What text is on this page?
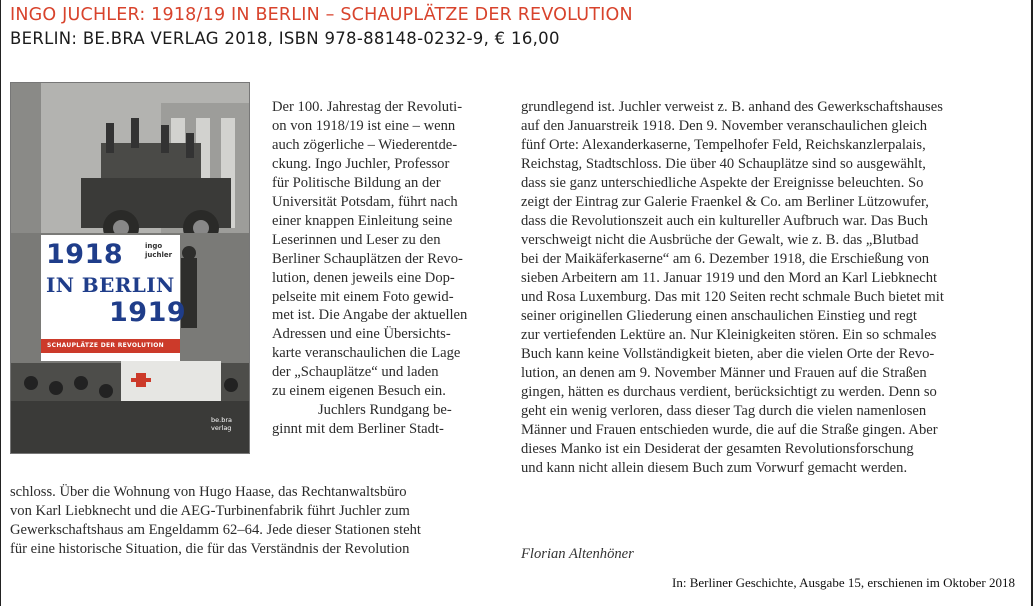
INGO JUCHLER: 1918/19 IN BERLIN – SCHAUPLÄTZE DER REVOLUTION
BERLIN: BE.BRA VERLAG 2018, ISBN 978-88148-0232-9, € 16,00
1918	ingo
juchler
IN BERLIN
1919
SCHAUPLÄTZE DER REVOLUTION
be.bra verlag
Der 100. Jahrestag der Revoluti-
on von 1918/19 ist eine – wenn
auch zögerliche – Wiederentde-
ckung. Ingo Juchler, Professor
für Politische Bildung an der
Universität Potsdam, führt nach
einer knappen Einleitung seine
Leserinnen und Leser zu den
Berliner Schauplätzen der Revo-
lution, denen jeweils eine Dop-
pelseite mit einem Foto gewid-
met ist. Die Angabe der aktuellen
Adressen und eine Übersichts-
karte veranschaulichen die Lage
der „Schauplätze“ und laden
zu einem eigenen Besuch ein.
Juchlers Rundgang be-
ginnt mit dem Berliner Stadt-
schloss. Über die Wohnung von Hugo Haase, das Rechtanwaltsbüro
von Karl Liebknecht und die AEG-Turbinenfabrik führt Juchler zum
Gewerkschaftshaus am Engeldamm 62–64. Jede dieser Stationen steht
für eine historische Situation, die für das Verständnis der Revolution
grundlegend ist. Juchler verweist z. B. anhand des Gewerkschaftshauses
auf den Januarstreik 1918. Den 9. November veranschaulichen gleich
fünf Orte: Alexanderkaserne, Tempelhofer Feld, Reichskanzlerpalais,
Reichstag, Stadtschloss. Die über 40 Schauplätze sind so ausgewählt,
dass sie ganz unterschiedliche Aspekte der Ereignisse beleuchten. So
zeigt der Eintrag zur Galerie Fraenkel & Co. am Berliner Lützowufer,
dass die Revolutionszeit auch ein kultureller Aufbruch war. Das Buch
verschweigt nicht die Ausbrüche der Gewalt, wie z. B. das „Blutbad
bei der Maikäferkaserne“ am 6. Dezember 1918, die Erschießung von
sieben Arbeitern am 11. Januar 1919 und den Mord an Karl Liebknecht
und Rosa Luxemburg. Das mit 120 Seiten recht schmale Buch bietet mit
seiner originellen Gliederung einen anschaulichen Einstieg und regt
zur vertiefenden Lektüre an. Nur Kleinigkeiten stören. Ein so schmales
Buch kann keine Vollständigkeit bieten, aber die vielen Orte der Revo-
lution, an denen am 9. November Männer und Frauen auf die Straßen
gingen, hätten es durchaus verdient, berücksichtigt zu werden. Denn so
geht ein wenig verloren, dass dieser Tag durch die vielen namenlosen
Männer und Frauen entschieden wurde, die auf die Straße gingen. Aber
dieses Manko ist ein Desiderat der gesamten Revolutionsforschung
und kann nicht allein diesem Buch zum Vorwurf gemacht werden.
Florian Altenhöner
In: Berliner Geschichte, Ausgabe 15, erschienen im Oktober 2018
